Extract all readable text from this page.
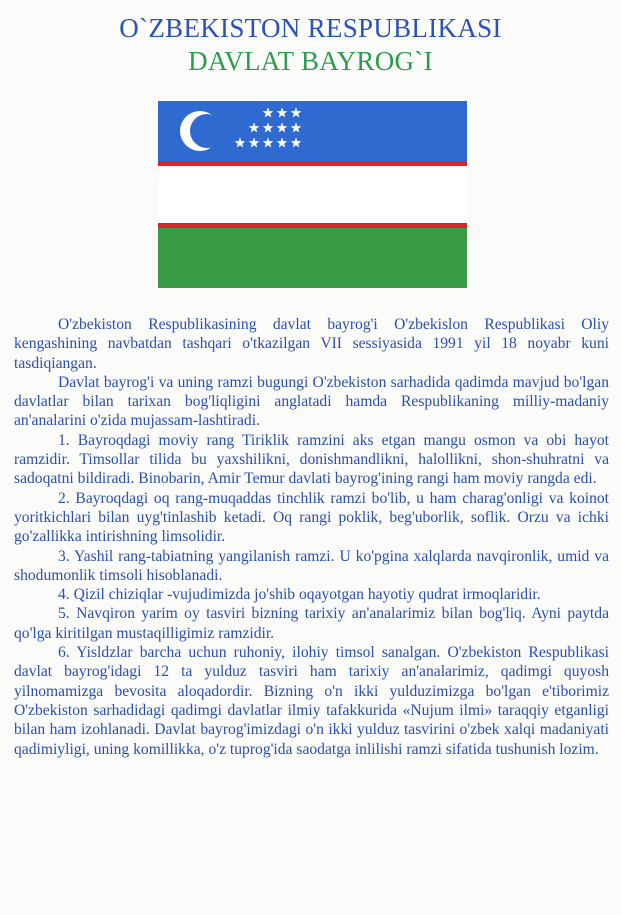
O`ZBEKISTON RESPUBLIKASI
DAVLAT BAYROG`I

O'zbekiston Respublikasining davlat bayrog'i O'zbekislon Respublikasi Oliy kengashining navbatdan tashqari o'tkazilgan VII sessiyasida 1991 yil 18 noyabr kuni tasdiqiangan.

Davlat bayrog'i va uning ramzi bugungi O'zbekiston sarhadida qadimda mavjud bo'lgan davlatlar bilan tarixan bog'liqligini anglatadi hamda Respublikaning milliy-madaniy an'analarini o'zida mujassam-lashtiradi.

1. Bayroqdagi moviy rang Tiriklik ramzini aks etgan mangu osmon va obi hayot ramzidir. Timsollar tilida bu yaxshilikni, donishmandlikni, halollikni, shon-shuhratni va sadoqatni bildiradi. Binobarin, Amir Temur davlati bayrog'ining rangi ham moviy rangda edi.

2. Bayroqdagi oq rang-muqaddas tinchlik ramzi bo'lib, u ham charag'onligi va koinot yoritkichlari bilan uyg'tinlashib ketadi. Oq rangi poklik, beg'uborlik, soflik. Orzu va ichki go'zallikka intirishning limsolidir.

3. Yashil rang-tabiatning yangilanish ramzi. U ko'pgina xalqlarda navqironlik, umid va shodumonlik timsoli hisoblanadi.

4. Qizil chiziqlar -vujudimizda jo'shib oqayotgan hayotiy qudrat irmoqlaridir.

5. Navqiron yarim oy tasviri bizning tarixiy an'analarimiz bilan bog'liq. Ayni paytda qo'lga kiritilgan mustaqilligimiz ramzidir.

6. Yisldzlar barcha uchun ruhoniy, ilohiy timsol sanalgan. O'zbekiston Respublikasi davlat bayrog'idagi 12 ta yulduz tasviri ham tarixiy an'analarimiz, qadimgi quyosh yilnomamizga bevosita aloqadordir. Bizning o'n ikki yulduzimizga bo'lgan e'tiborimiz O'zbekiston sarhadidagi qadimgi davlatlar ilmiy tafakkurida «Nujum ilmi» taraqqiy etganligi bilan ham izohlanadi. Davlat bayrog'imizdagi o'n ikki yulduz tasvirini o'zbek xalqi madaniyati qadimiyligi, uning komillikka, o'z tuprog'ida saodatga inlilishi ramzi sifatida tushunish lozim.
